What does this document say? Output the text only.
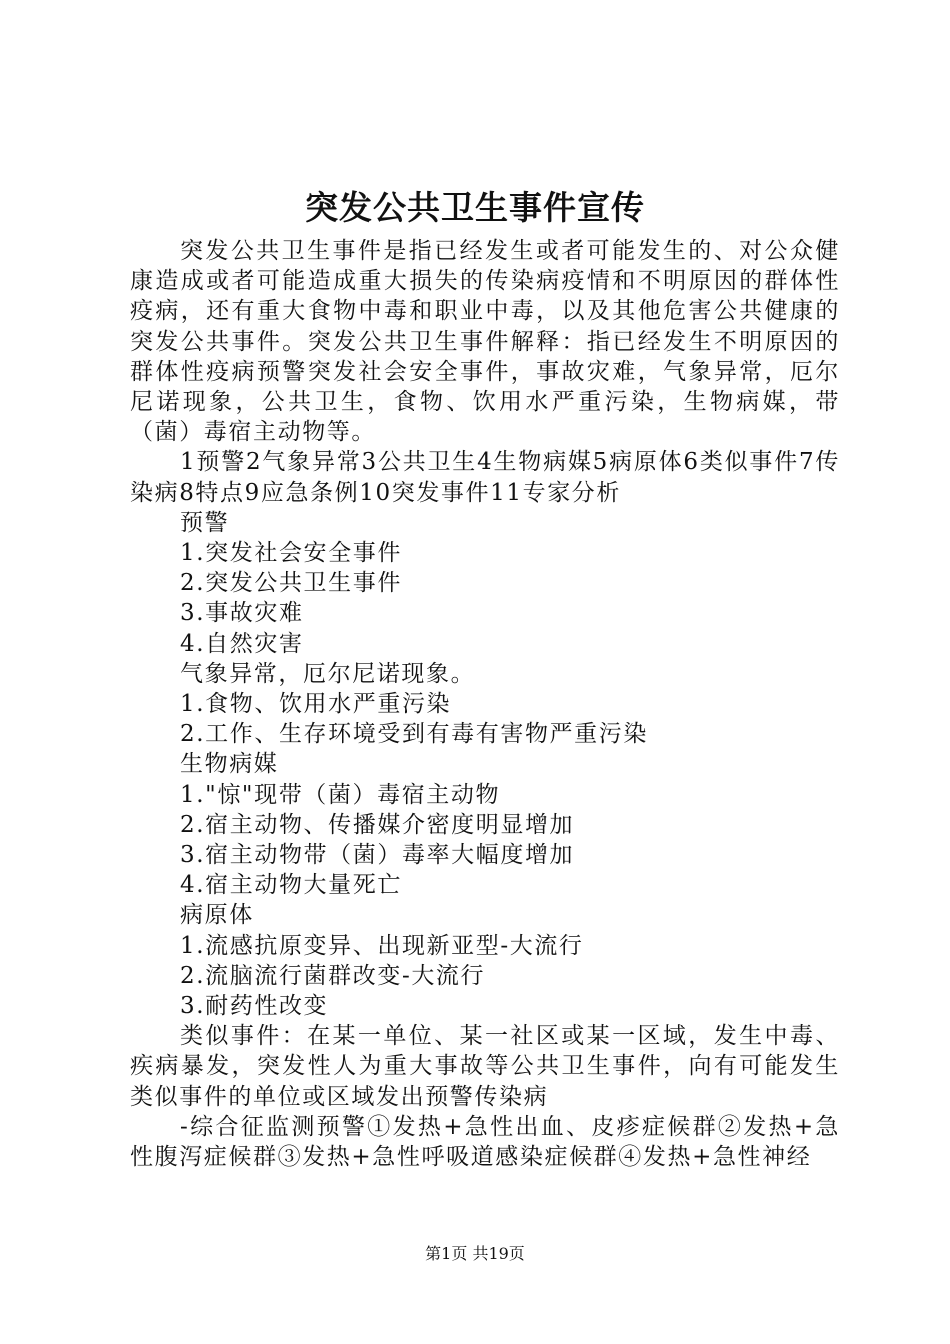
突发公共卫生事件宣传

突发公共卫生事件是指已经发生或者可能发生的、对公众健康造成或者可能造成重大损失的传染病疫情和不明原因的群体性疫病，还有重大食物中毒和职业中毒，以及其他危害公共健康的突发公共事件。突发公共卫生事件解释：指已经发生不明原因的群体性疫病预警突发社会安全事件，事故灾难，气象异常，厄尔尼诺现象，公共卫生，食物、饮用水严重污染，生物病媒，带（菌）毒宿主动物等。

1预警2气象异常3公共卫生4生物病媒5病原体6类似事件7传染病8特点9应急条例10突发事件11专家分析

预警

1.突发社会安全事件

2.突发公共卫生事件

3.事故灾难

4.自然灾害

气象异常，厄尔尼诺现象。

1.食物、饮用水严重污染

2.工作、生存环境受到有毒有害物严重污染

生物病媒

1."惊"现带（菌）毒宿主动物

2.宿主动物、传播媒介密度明显增加

3.宿主动物带（菌）毒率大幅度增加

4.宿主动物大量死亡

病原体

1.流感抗原变异、出现新亚型-大流行

2.流脑流行菌群改变-大流行

3.耐药性改变

类似事件：在某一单位、某一社区或某一区域，发生中毒、疾病暴发，突发性人为重大事故等公共卫生事件，向有可能发生类似事件的单位或区域发出预警传染病

-综合征监测预警①发热+急性出血、皮疹症候群②发热+急性腹泻症候群③发热+急性呼吸道感染症候群④发热+急性神经

第1页 共19页
